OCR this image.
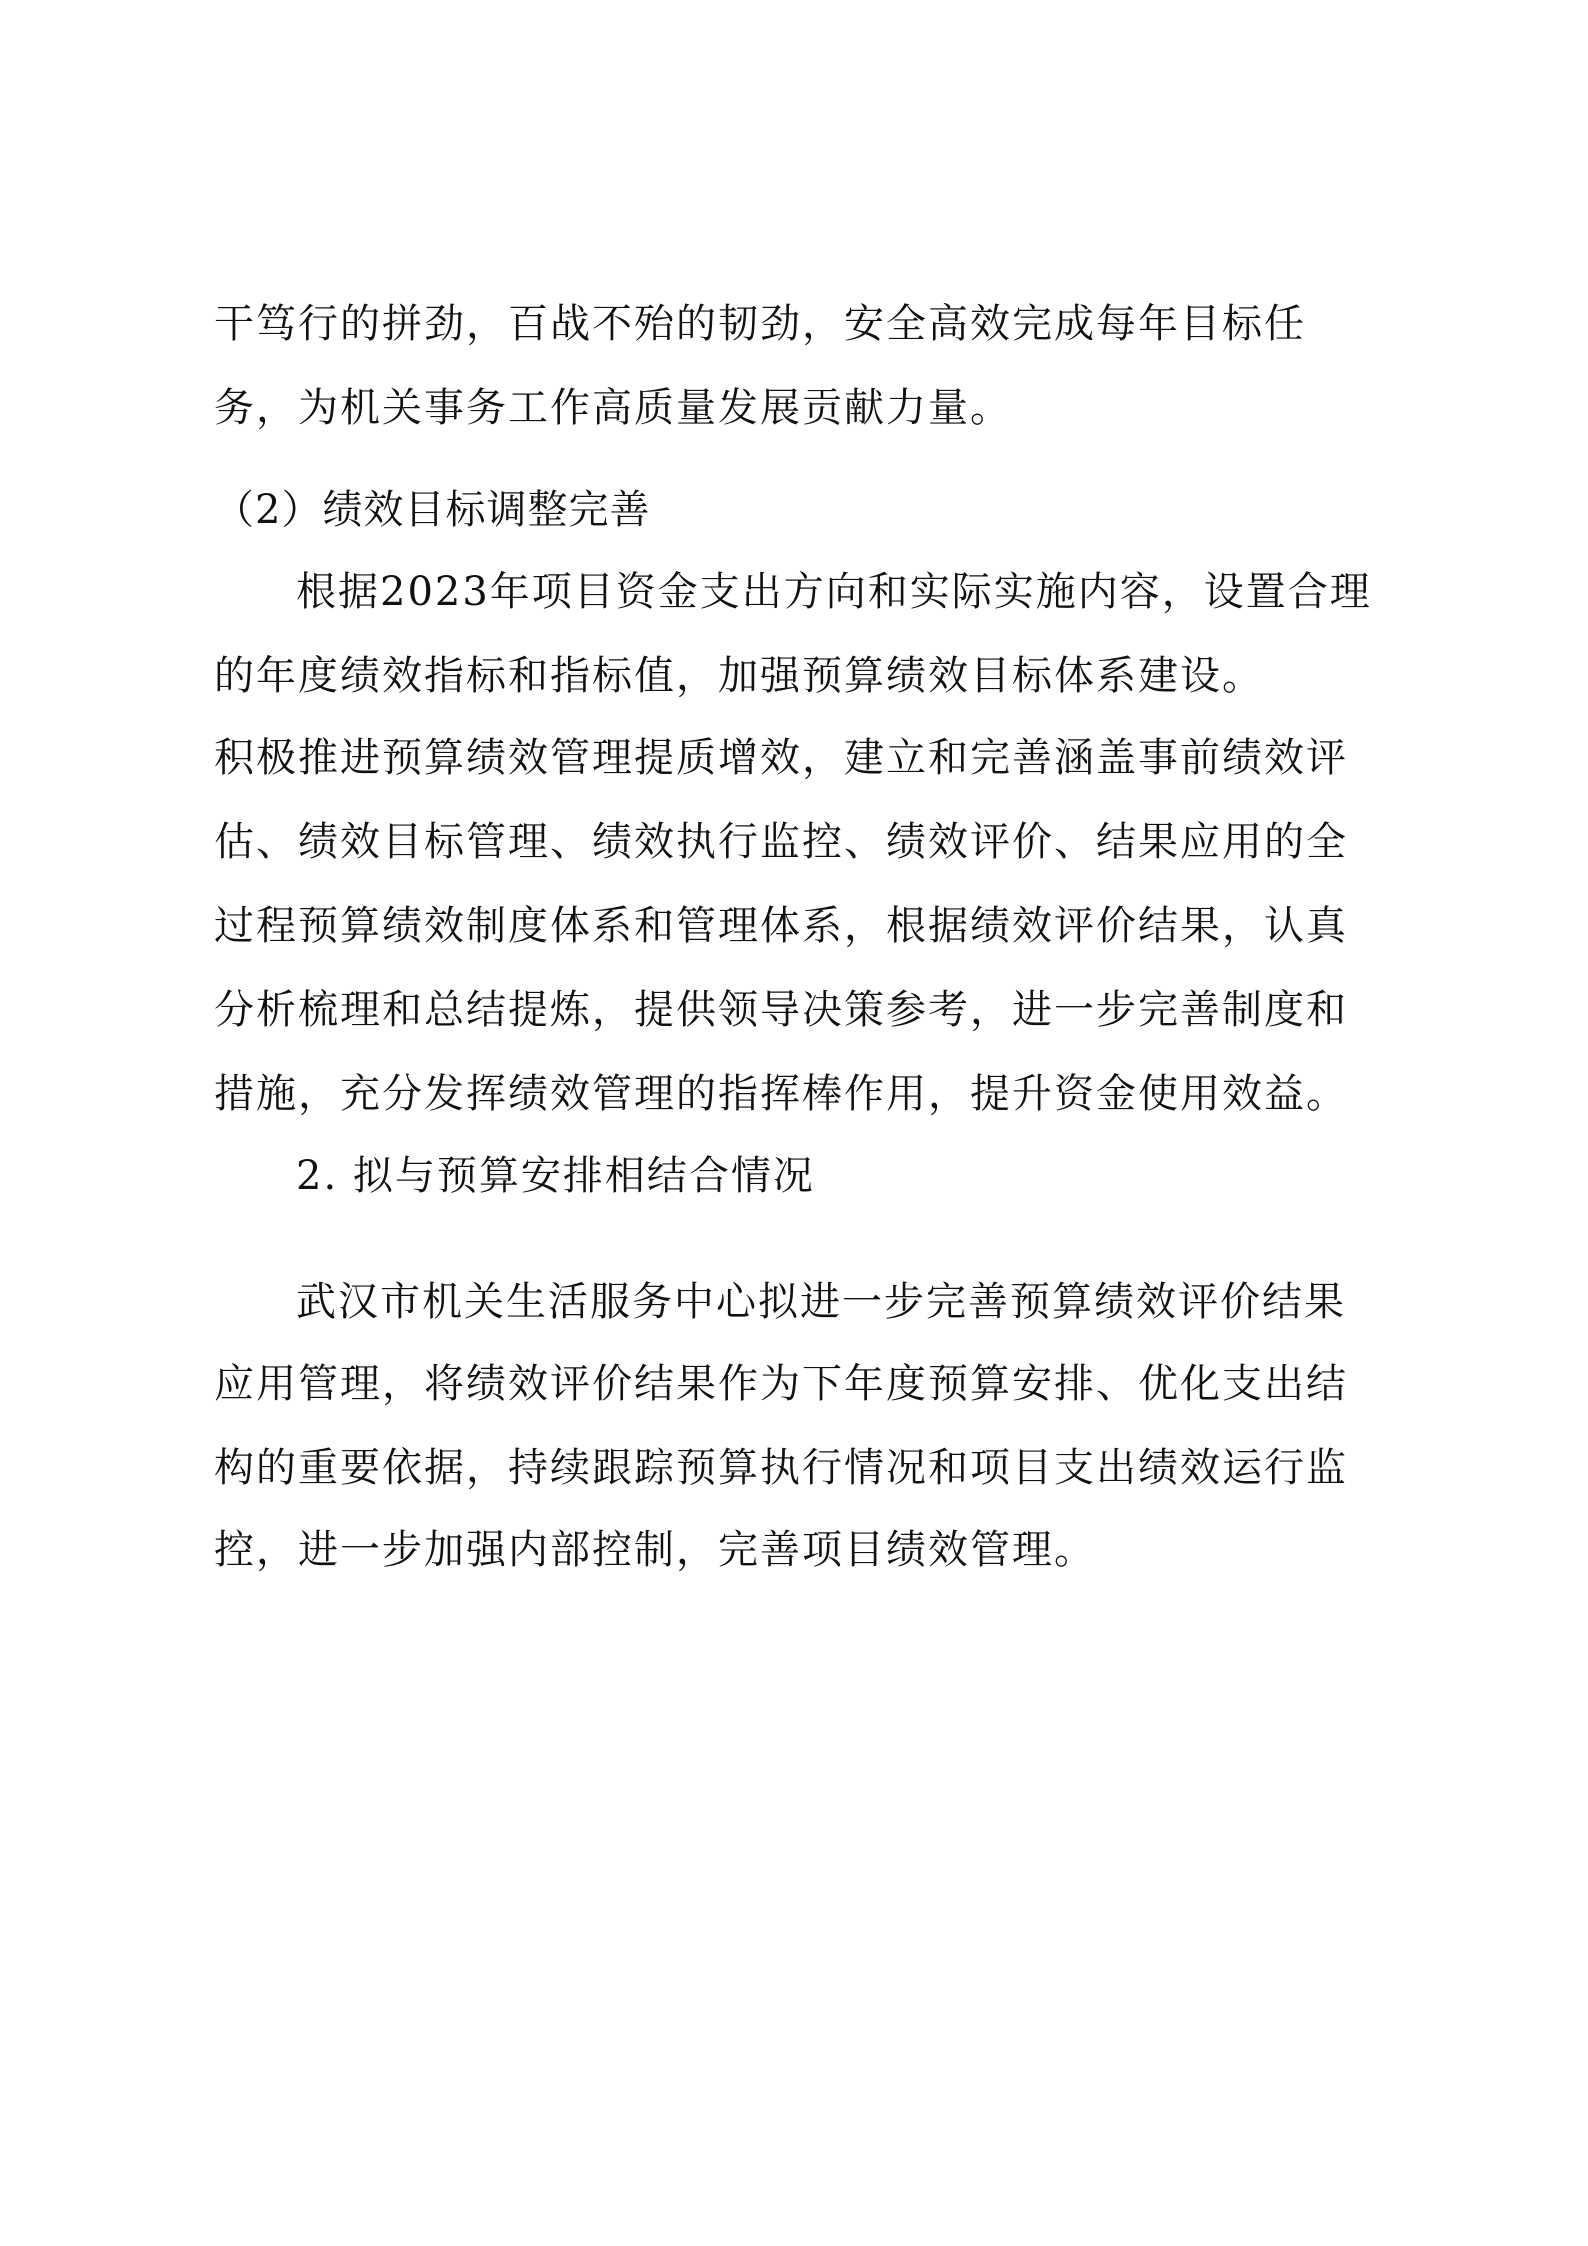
干笃行的拼劲，百战不殆的韧劲，安全高效完成每年目标任
务，为机关事务工作高质量发展贡献力量。
（2）绩效目标调整完善
根据2023年项目资金支出方向和实际实施内容，设置合理
的年度绩效指标和指标值，加强预算绩效目标体系建设。
积极推进预算绩效管理提质增效，建立和完善涵盖事前绩效评
估、绩效目标管理、绩效执行监控、绩效评价、结果应用的全
过程预算绩效制度体系和管理体系，根据绩效评价结果，认真
分析梳理和总结提炼，提供领导决策参考，进一步完善制度和
措施，充分发挥绩效管理的指挥棒作用，提升资金使用效益。
2. 拟与预算安排相结合情况
武汉市机关生活服务中心拟进一步完善预算绩效评价结果
应用管理，将绩效评价结果作为下年度预算安排、优化支出结
构的重要依据，持续跟踪预算执行情况和项目支出绩效运行监
控，进一步加强内部控制，完善项目绩效管理。
